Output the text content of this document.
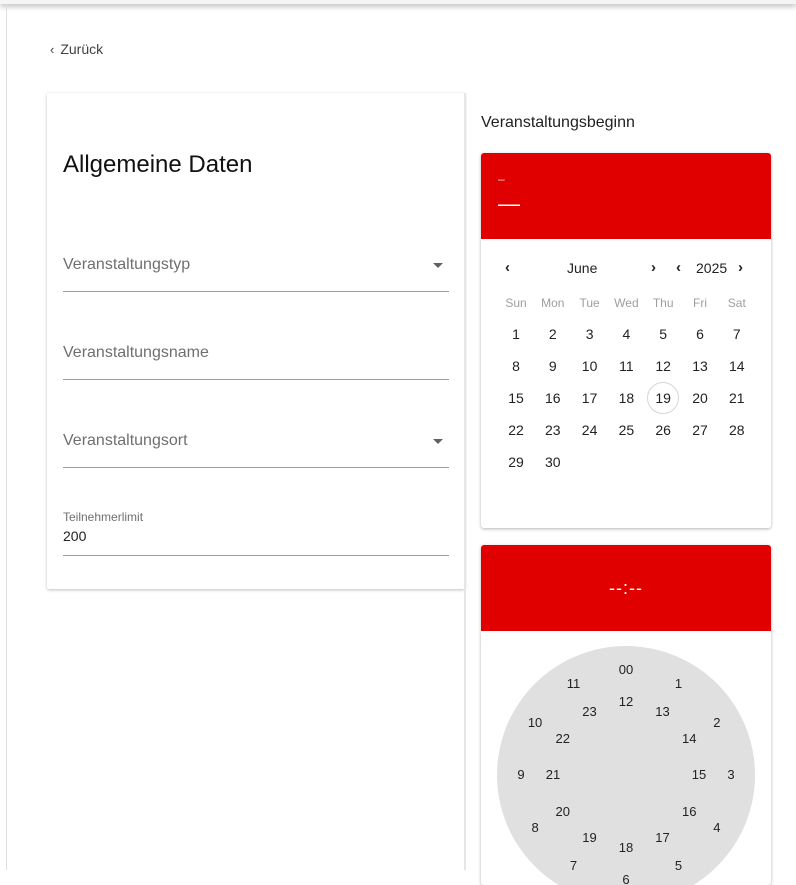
‹ Zurück
Allgemeine Daten
Veranstaltungstyp
Veranstaltungsname
Veranstaltungsort
Teilnehmerlimit
200
Veranstaltungsbeginn
–
—
‹	June	› ‹ 2025 ›
Sun	Mon	Tue	Wed	Thu	Fri	Sat
1	2	3	4	5	6	7
8	9	10	11	12	13	14
15	16	17	18	19	20	21
22	23	24	25	26	27	28
29	30
--:--
00
1
2
3
4
5
6
7
8
9
10
11
12
13
14
15
16
17
18
19
20
21
22
23
